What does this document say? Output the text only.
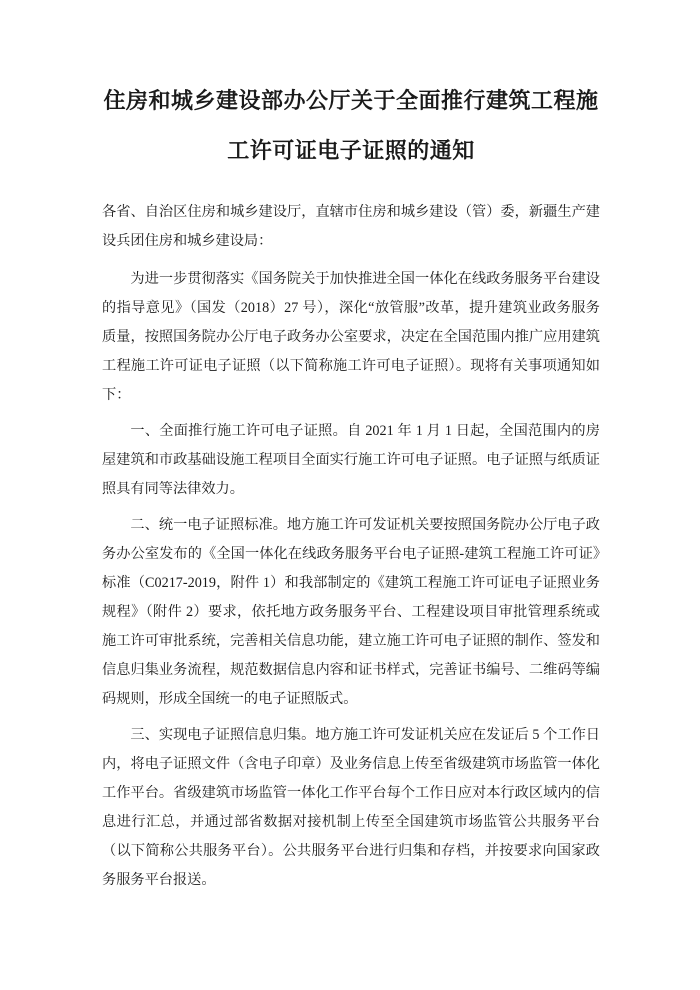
住房和城乡建设部办公厅关于全面推行建筑工程施
工许可证电子证照的通知

各省、自治区住房和城乡建设厅，直辖市住房和城乡建设（管）委，新疆生产建设兵团住房和城乡建设局：

为进一步贯彻落实《国务院关于加快推进全国一体化在线政务服务平台建设的指导意见》（国发（2018）27 号），深化“放管服”改革，提升建筑业政务服务质量，按照国务院办公厅电子政务办公室要求，决定在全国范围内推广应用建筑工程施工许可证电子证照（以下简称施工许可电子证照）。现将有关事项通知如下：

一、全面推行施工许可电子证照。自 2021 年 1 月 1 日起，全国范围内的房屋建筑和市政基础设施工程项目全面实行施工许可电子证照。电子证照与纸质证照具有同等法律效力。

二、统一电子证照标准。地方施工许可发证机关要按照国务院办公厅电子政务办公室发布的《全国一体化在线政务服务平台电子证照-建筑工程施工许可证》标准（C0217-2019，附件 1）和我部制定的《建筑工程施工许可证电子证照业务规程》（附件 2）要求，依托地方政务服务平台、工程建设项目审批管理系统或施工许可审批系统，完善相关信息功能，建立施工许可电子证照的制作、签发和信息归集业务流程，规范数据信息内容和证书样式，完善证书编号、二维码等编码规则，形成全国统一的电子证照版式。

三、实现电子证照信息归集。地方施工许可发证机关应在发证后 5 个工作日内，将电子证照文件（含电子印章）及业务信息上传至省级建筑市场监管一体化工作平台。省级建筑市场监管一体化工作平台每个工作日应对本行政区域内的信息进行汇总，并通过部省数据对接机制上传至全国建筑市场监管公共服务平台（以下简称公共服务平台）。公共服务平台进行归集和存档，并按要求向国家政务服务平台报送。
